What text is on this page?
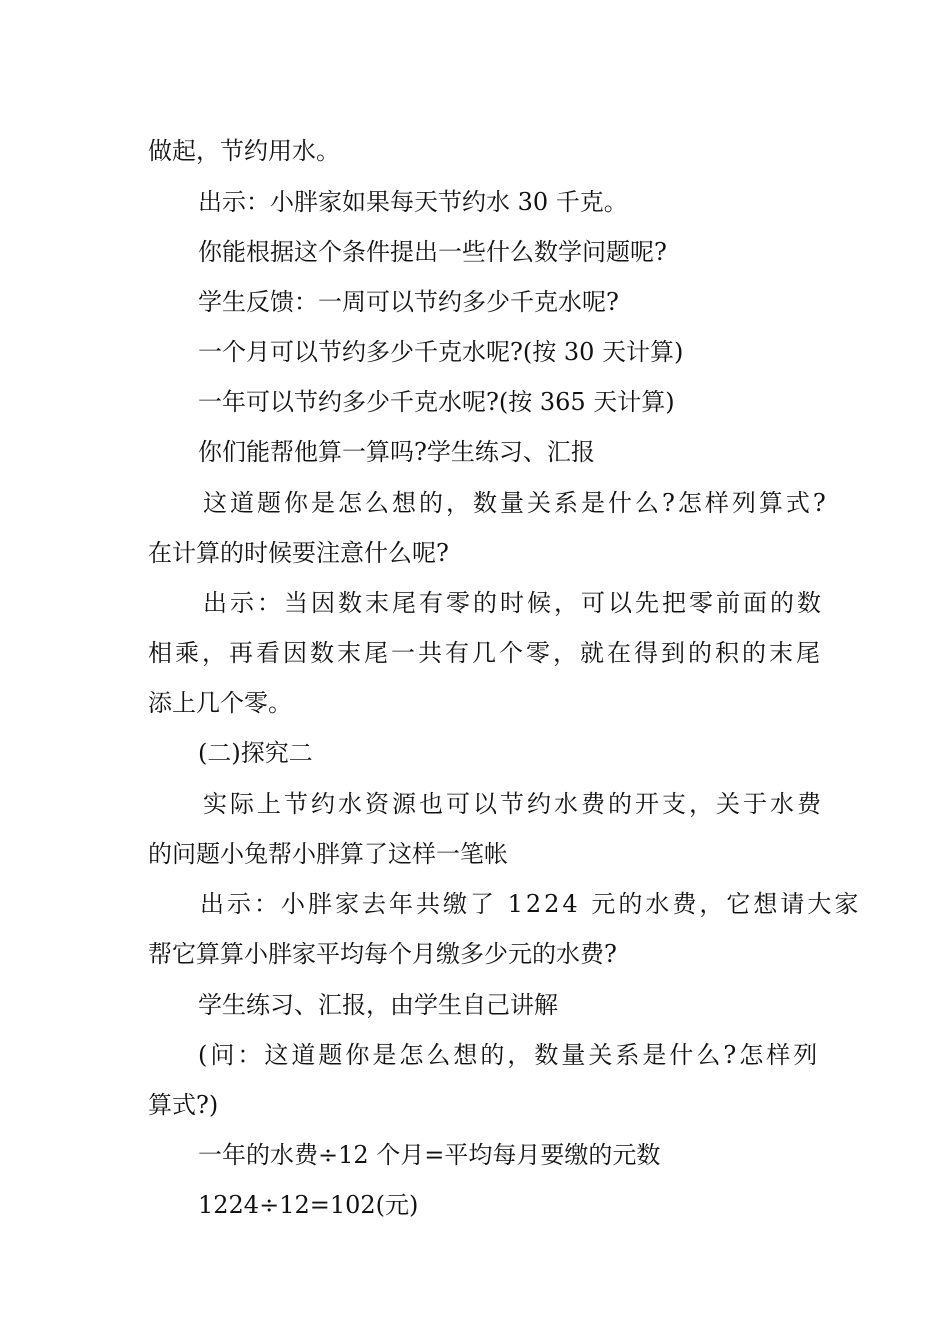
做起，节约用水。
出示：小胖家如果每天节约水 30 千克。
你能根据这个条件提出一些什么数学问题呢?
学生反馈：一周可以节约多少千克水呢?
一个月可以节约多少千克水呢?(按 30 天计算)
一年可以节约多少千克水呢?(按 365 天计算)
你们能帮他算一算吗?学生练习、汇报
这道题你是怎么想的，数量关系是什么?怎样列算式?
在计算的时候要注意什么呢?
出示：当因数末尾有零的时候，可以先把零前面的数
相乘，再看因数末尾一共有几个零，就在得到的积的末尾
添上几个零。
(二)探究二
实际上节约水资源也可以节约水费的开支，关于水费
的问题小兔帮小胖算了这样一笔帐
出示：小胖家去年共缴了 1224 元的水费，它想请大家
帮它算算小胖家平均每个月缴多少元的水费?
学生练习、汇报，由学生自己讲解
(问：这道题你是怎么想的，数量关系是什么?怎样列
算式?)
一年的水费÷12 个月=平均每月要缴的元数
1224÷12=102(元)
